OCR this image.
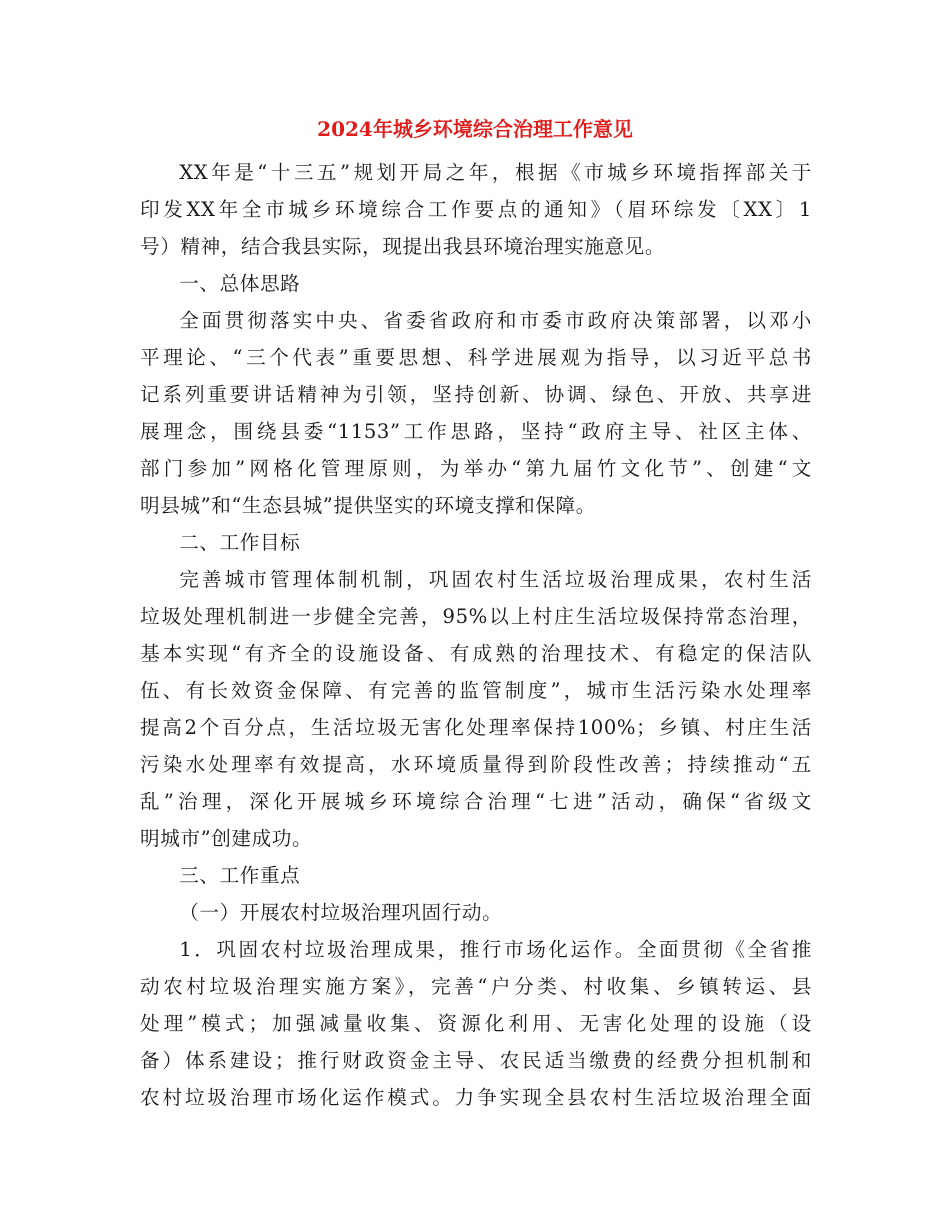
2024年城乡环境综合治理工作意见

XX年是“十三五”规划开局之年，根据《市城乡环境指挥部关于
印发XX年全市城乡环境综合工作要点的通知》（眉环综发〔XX〕1
号）精神，结合我县实际，现提出我县环境治理实施意见。

一、总体思路

全面贯彻落实中央、省委省政府和市委市政府决策部署，以邓小
平理论、“三个代表”重要思想、科学进展观为指导，以习近平总书
记系列重要讲话精神为引领，坚持创新、协调、绿色、开放、共享进
展理念，围绕县委“1153”工作思路，坚持“政府主导、社区主体、
部门参加”网格化管理原则，为举办“第九届竹文化节”、创建“文
明县城”和“生态县城”提供坚实的环境支撑和保障。

二、工作目标

完善城市管理体制机制，巩固农村生活垃圾治理成果，农村生活
垃圾处理机制进一步健全完善，95%以上村庄生活垃圾保持常态治理，
基本实现“有齐全的设施设备、有成熟的治理技术、有稳定的保洁队
伍、有长效资金保障、有完善的监管制度”，城市生活污染水处理率
提高2个百分点，生活垃圾无害化处理率保持100%；乡镇、村庄生活
污染水处理率有效提高，水环境质量得到阶段性改善；持续推动“五
乱”治理，深化开展城乡环境综合治理“七进”活动，确保“省级文
明城市”创建成功。

三、工作重点

（一）开展农村垃圾治理巩固行动。

1．巩固农村垃圾治理成果，推行市场化运作。全面贯彻《全省推
动农村垃圾治理实施方案》，完善“户分类、村收集、乡镇转运、县
处理”模式；加强减量收集、资源化利用、无害化处理的设施（设
备）体系建设；推行财政资金主导、农民适当缴费的经费分担机制和
农村垃圾治理市场化运作模式。力争实现全县农村生活垃圾治理全面
